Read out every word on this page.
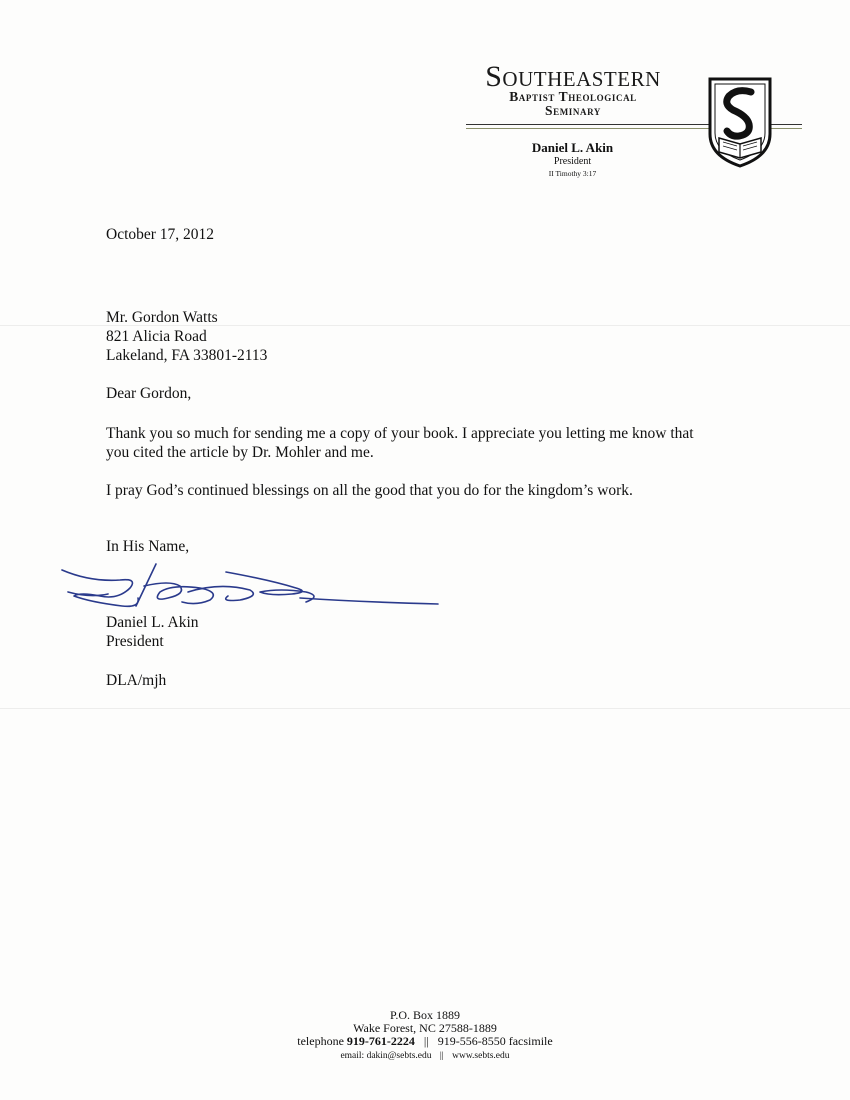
Southeastern
Baptist Theological
Seminary
Daniel L. Akin
President
II Timothy 3:17
October 17, 2012
Mr. Gordon Watts
821 Alicia Road
Lakeland, FA 33801-2113
Dear Gordon,
Thank you so much for sending me a copy of your book. I appreciate you letting me know that
you cited the article by Dr. Mohler and me.
I pray God’s continued blessings on all the good that you do for the kingdom’s work.
In His Name,
Daniel L. Akin
President
DLA/mjh
P.O. Box 1889
Wake Forest, NC 27588-1889
telephone 919-761-2224 || 919-556-8550 facsimile
email: dakin@sebts.edu || www.sebts.edu
